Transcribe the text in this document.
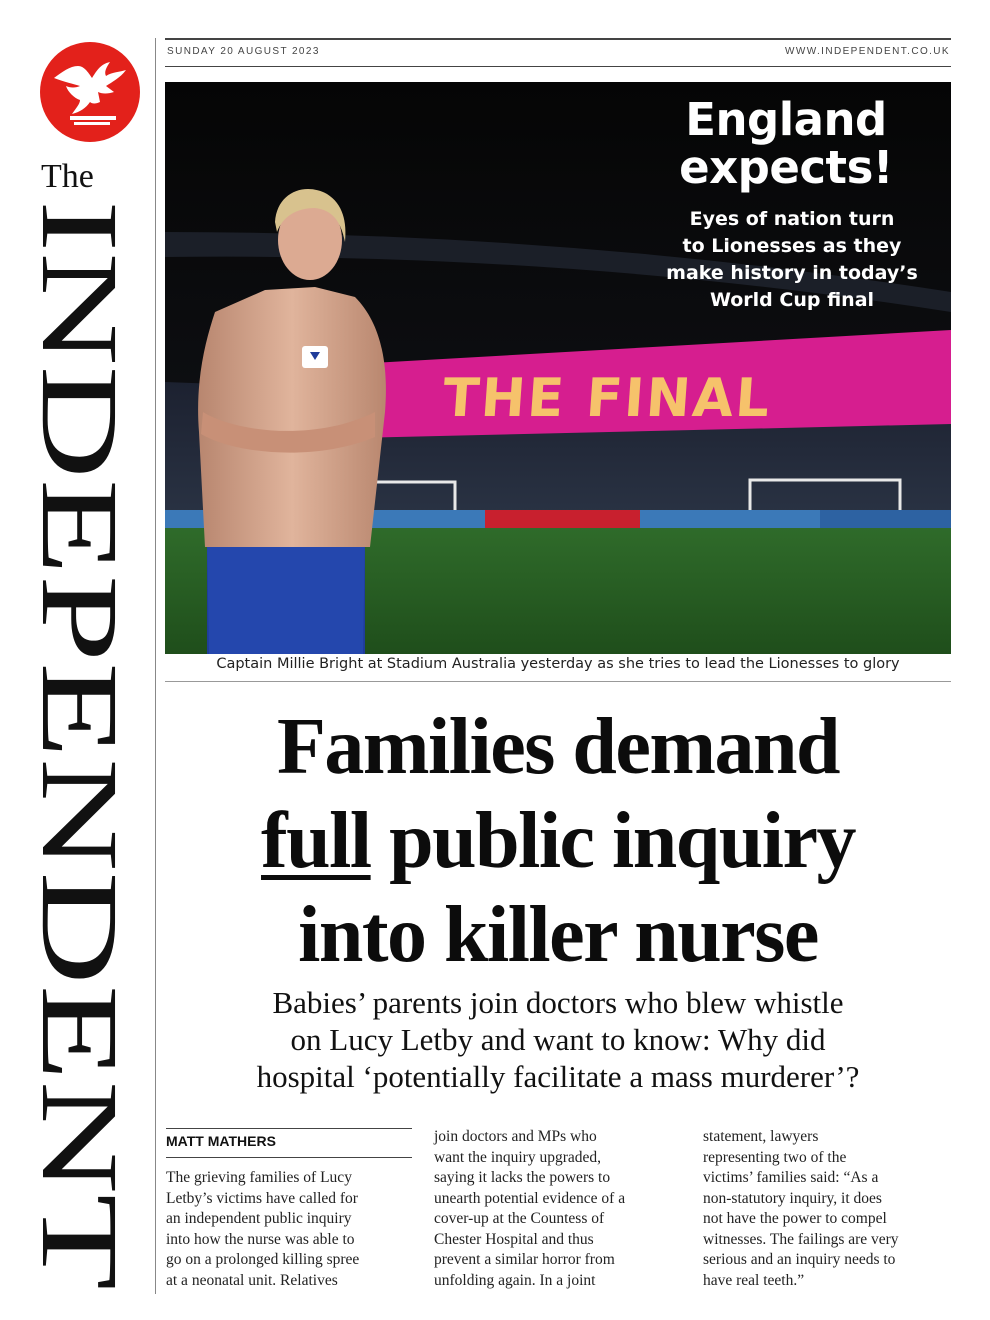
The
INDEPENDENT
SUNDAY 20 AUGUST 2023	WWW.INDEPENDENT.CO.UK
England
expects!
Eyes of nation turn
to Lionesses as they
make history in today’s
World Cup final
THE FINAL
Captain Millie Bright at Stadium Australia yesterday as she tries to lead the Lionesses to glory
Families demand
full public inquiry
into killer nurse
Babies’ parents join doctors who blew whistle
on Lucy Letby and want to know: Why did
hospital ‘potentially facilitate a mass murderer’?
MATT MATHERS
The grieving families of Lucy
Letby’s victims have called for
an independent public inquiry
into how the nurse was able to
go on a prolonged killing spree
at a neonatal unit. Relatives
join doctors and MPs who
want the inquiry upgraded,
saying it lacks the powers to
unearth potential evidence of a
cover-up at the Countess of
Chester Hospital and thus
prevent a similar horror from
unfolding again. In a joint
statement, lawyers
representing two of the
victims’ families said: “As a
non-statutory inquiry, it does
not have the power to compel
witnesses. The failings are very
serious and an inquiry needs to
have real teeth.”
